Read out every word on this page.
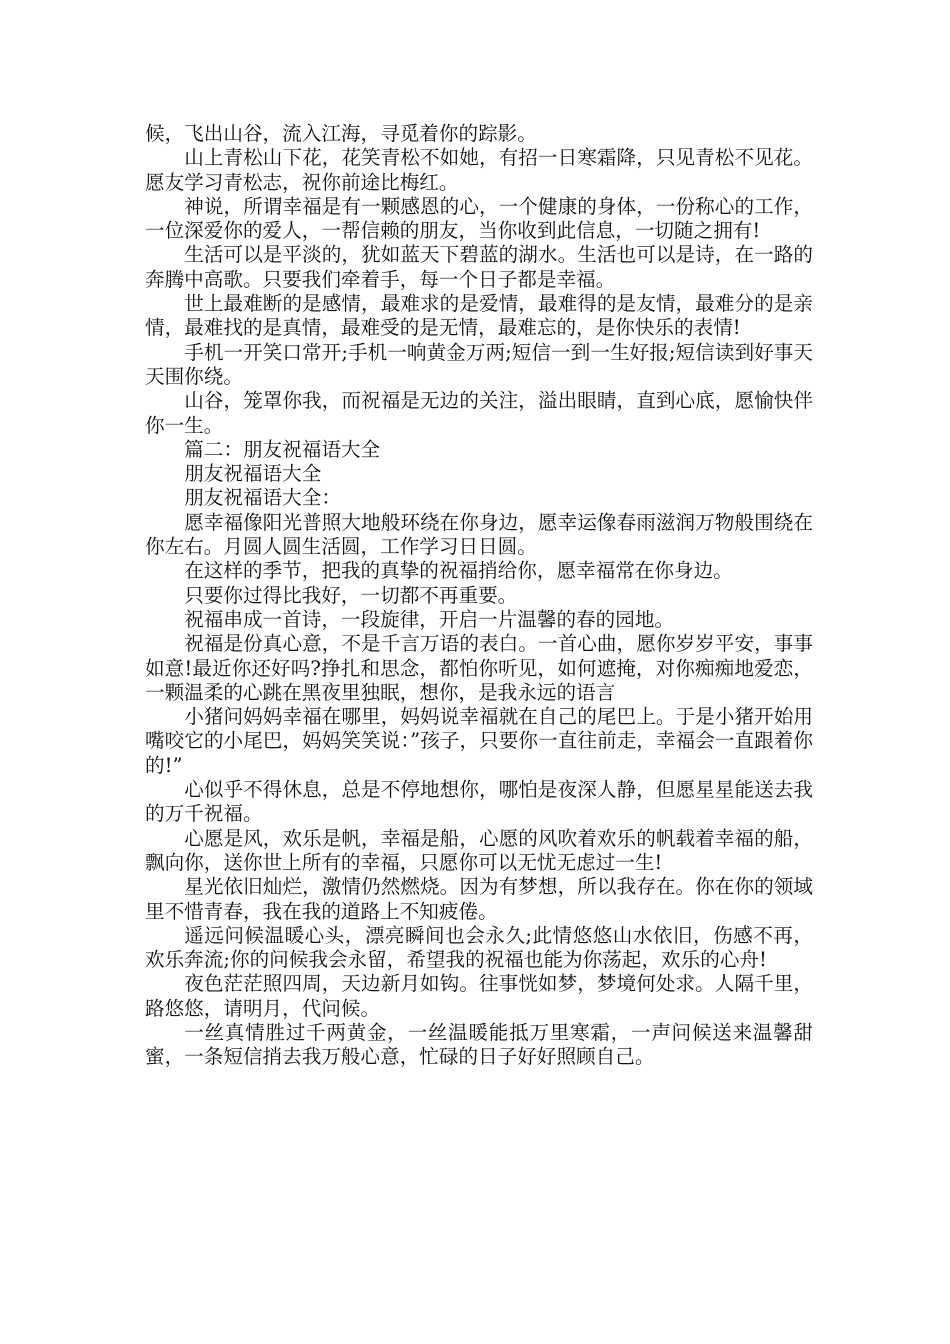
候，飞出山谷，流入江海，寻觅着你的踪影。

山上青松山下花，花笑青松不如她，有招一日寒霜降，只见青松不见花。愿友学习青松志，祝你前途比梅红。

神说，所谓幸福是有一颗感恩的心，一个健康的身体，一份称心的工作，一位深爱你的爱人，一帮信赖的朋友，当你收到此信息，一切随之拥有!

生活可以是平淡的，犹如蓝天下碧蓝的湖水。生活也可以是诗，在一路的奔腾中高歌。只要我们牵着手，每一个日子都是幸福。

世上最难断的是感情，最难求的是爱情，最难得的是友情，最难分的是亲情，最难找的是真情，最难受的是无情，最难忘的，是你快乐的表情!

手机一开笑口常开;手机一响黄金万两;短信一到一生好报;短信读到好事天天围你绕。

山谷，笼罩你我，而祝福是无边的关注，溢出眼睛，直到心底，愿愉快伴你一生。

篇二：朋友祝福语大全

朋友祝福语大全

朋友祝福语大全：

愿幸福像阳光普照大地般环绕在你身边，愿幸运像春雨滋润万物般围绕在你左右。月圆人圆生活圆，工作学习日日圆。

在这样的季节，把我的真挚的祝福捎给你，愿幸福常在你身边。

只要你过得比我好，一切都不再重要。

祝福串成一首诗，一段旋律，开启一片温馨的春的园地。

祝福是份真心意，不是千言万语的表白。一首心曲，愿你岁岁平安，事事如意!最近你还好吗?挣扎和思念，都怕你听见，如何遮掩，对你痴痴地爱恋，一颗温柔的心跳在黑夜里独眠，想你，是我永远的语言

小猪问妈妈幸福在哪里，妈妈说幸福就在自己的尾巴上。于是小猪开始用嘴咬它的小尾巴，妈妈笑笑说：”孩子，只要你一直往前走，幸福会一直跟着你的!”

心似乎不得休息，总是不停地想你，哪怕是夜深人静，但愿星星能送去我的万千祝福。

心愿是风，欢乐是帆，幸福是船，心愿的风吹着欢乐的帆载着幸福的船，飘向你，送你世上所有的幸福，只愿你可以无忧无虑过一生!

星光依旧灿烂，激情仍然燃烧。因为有梦想，所以我存在。你在你的领域里不惜青春，我在我的道路上不知疲倦。

遥远问候温暖心头，漂亮瞬间也会永久;此情悠悠山水依旧，伤感不再，欢乐奔流;你的问候我会永留，希望我的祝福也能为你荡起，欢乐的心舟!

夜色茫茫照四周，天边新月如钩。往事恍如梦，梦境何处求。人隔千里，路悠悠，请明月，代问候。

一丝真情胜过千两黄金，一丝温暖能抵万里寒霜，一声问候送来温馨甜蜜，一条短信捎去我万般心意，忙碌的日子好好照顾自己。
